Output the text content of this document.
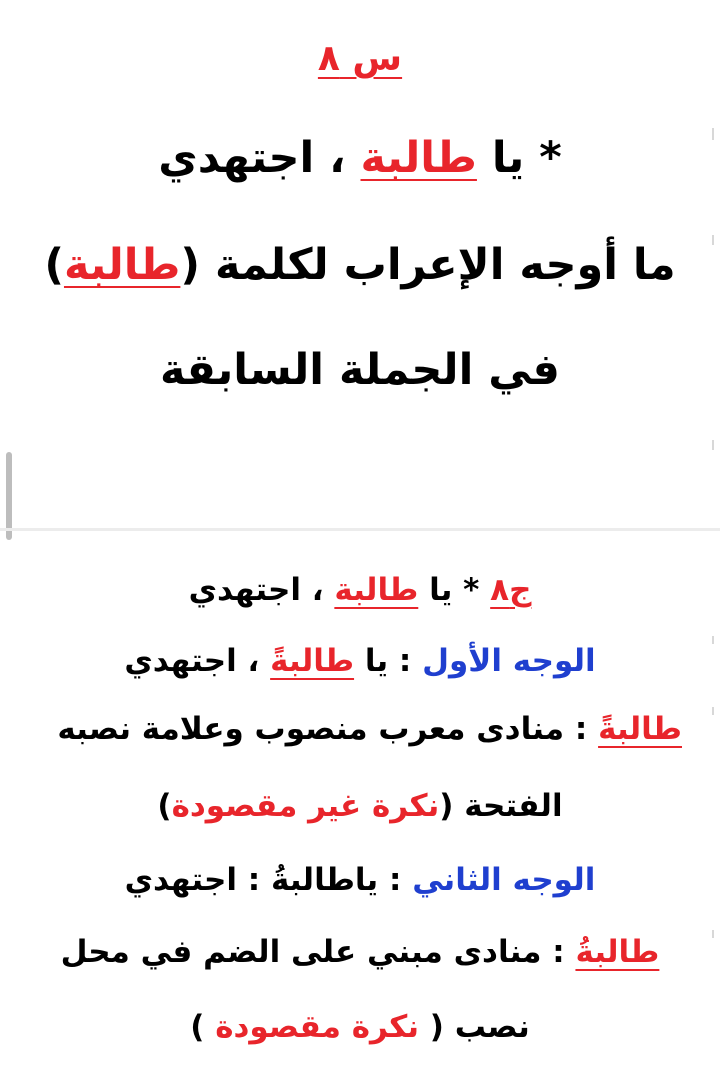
س ٨
* يا طالبة ، اجتهدي
ما أوجه الإعراب لكلمة (طالبة)
في الجملة السابقة
ج٨ * يا طالبة ، اجتهدي
الوجه الأول : يا طالبةً ، اجتهدي
طالبةً : منادى معرب منصوب وعلامة نصبه
الفتحة (نكرة غير مقصودة)
الوجه الثاني : ياطالبةُ : اجتهدي
طالبةُ : منادى مبني على الضم في محل
نصب ( نكرة مقصودة )
